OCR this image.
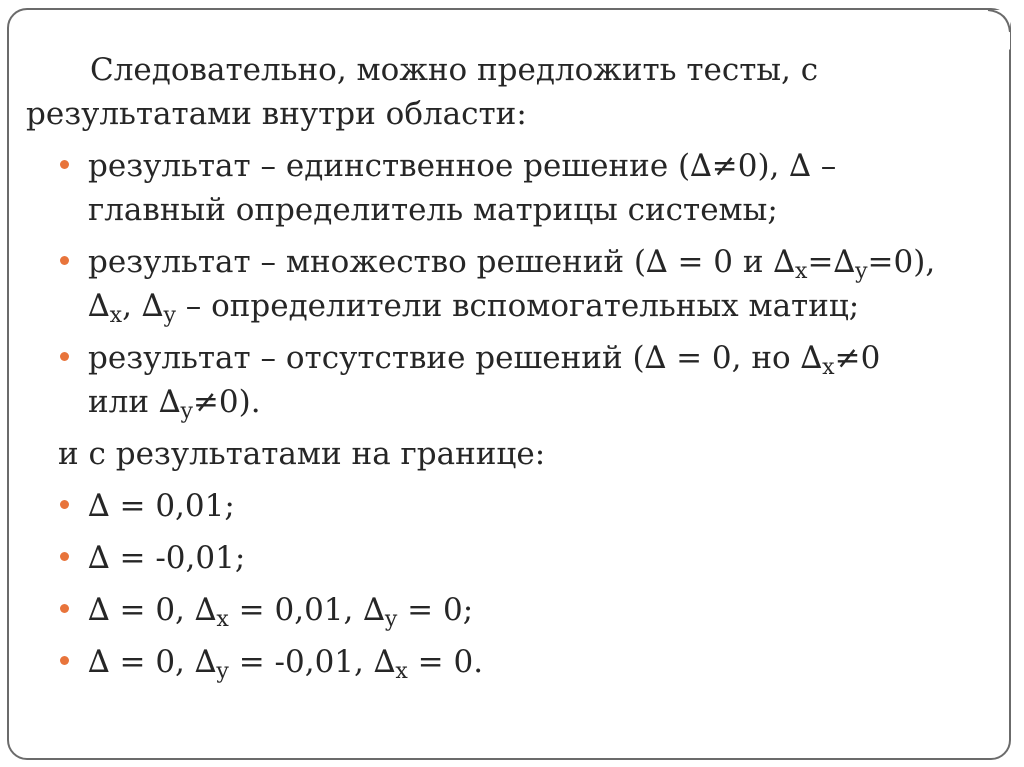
Следовательно, можно предложить тесты, с
результатами внутри области:

результат – единственное решение (∆≠0), ∆ –
главный определитель матрицы системы;
результат – множество решений (∆ = 0 и $\Delta_x=\Delta_y=0$),
$\Delta_x$, $\Delta_y$ – определители вспомогательных матиц;
результат – отсутствие решений (∆ = 0, но $\Delta_x\ne 0$
или $\Delta_y\ne 0$).

и с результатами на границе:

∆ = 0,01;
∆ = -0,01;
∆ = 0, $\Delta_x = 0,01$, $\Delta_y = 0$;
∆ = 0, $\Delta_y = -0,01$, $\Delta_x = 0$.
